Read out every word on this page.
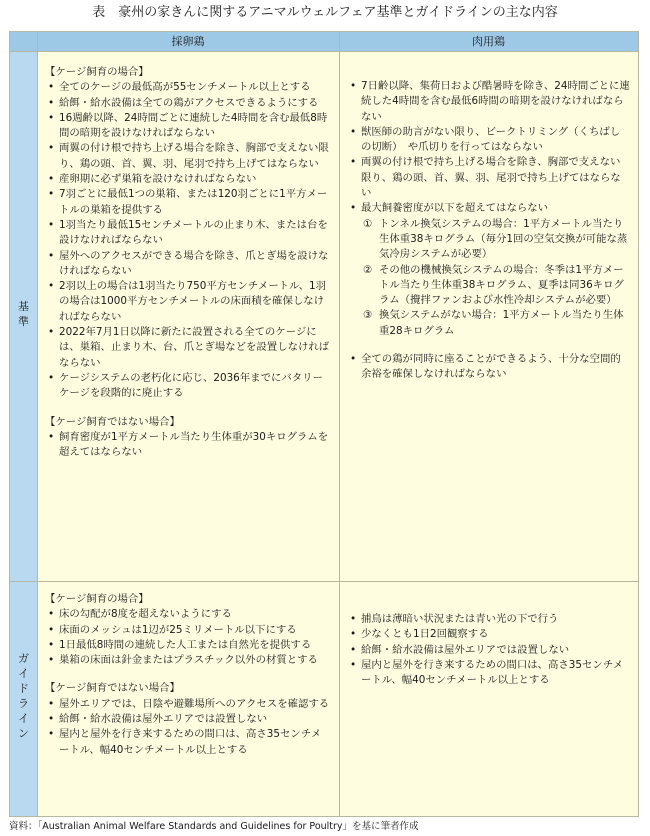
表　豪州の家きんに関するアニマルウェルフェア基準とガイドラインの主な内容
採卵鶏	肉用鶏
基準

【ケージ飼育の場合】

• 全てのケージの最低高が55センチメートル以上とする
• 給餌・給水設備は全ての鶏がアクセスできるようにする
• 16週齢以降、24時間ごとに連続した4時間を含む最低8時間の暗期を設けなければならない
• 両翼の付け根で持ち上げる場合を除き、胸部で支えない限り、鶏の頭、首、翼、羽、尾羽で持ち上げてはならない
• 産卵期に必ず巣箱を設けなければならない
• 7羽ごとに最低1つの巣箱、または120羽ごとに1平方メートルの巣箱を提供する
• 1羽当たり最低15センチメートルの止まり木、または台を設けなければならない
• 屋外へのアクセスができる場合を除き、爪とぎ場を設けなければならない
• 2羽以上の場合は1羽当たり750平方センチメートル、1羽の場合は1000平方センチメートルの床面積を確保しなければならない
• 2022年7月1日以降に新たに設置される全てのケージには、巣箱、止まり木、台、爪とぎ場などを設置しなければならない
• ケージシステムの老朽化に応じ、2036年までにバタリーケージを段階的に廃止する

【ケージ飼育ではない場合】

• 飼育密度が1平方メートル当たり生体重が30キログラムを超えてはならない
• 7日齢以降、集荷日および酷暑時を除き、24時間ごとに連続した4時間を含む最低6時間の暗期を設けなければならない
• 獣医師の助言がない限り、ビークトリミング（くちばしの切断）　や爪切りを行ってはならない
• 両翼の付け根で持ち上げる場合を除き、胸部で支えない限り、鶏の頭、首、翼、羽、尾羽で持ち上げてはならない
• 最大飼養密度が以下を超えてはならない
① トンネル換気システムの場合：1平方メートル当たり生体重38キログラム（毎分1回の空気交換が可能な蒸気冷房システムが必要）
② その他の機械換気システムの場合：冬季は1平方メートル当たり生体重38キログラム、夏季は同36キログラム（攪拌ファンおよび水性冷却システムが必要）
③ 換気システムがない場合：1平方メートル当たり生体重28キログラム
• 全ての鶏が同時に座ることができるよう、十分な空間的余裕を確保しなければならない
ガイドライン

【ケージ飼育の場合】

• 床の勾配が8度を超えないようにする
• 床面のメッシュは1辺が25ミリメートル以下にする
• 1日最低8時間の連続した人工または自然光を提供する
• 巣箱の床面は針金またはプラスチック以外の材質とする

【ケージ飼育ではない場合】

• 屋外エリアでは、日陰や避難場所へのアクセスを確認する
• 給餌・給水設備は屋外エリアでは設置しない
• 屋内と屋外を行き来するための間口は、高さ35センチメートル、幅40センチメートル以上とする
• 捕鳥は薄暗い状況または青い光の下で行う
• 少なくとも1日2回観察する
• 給餌・給水設備は屋外エリアでは設置しない
• 屋内と屋外を行き来するための間口は、高さ35センチメートル、幅40センチメートル以上とする
資料：「Australian Animal Welfare Standards and Guidelines for Poultry」を基に筆者作成
